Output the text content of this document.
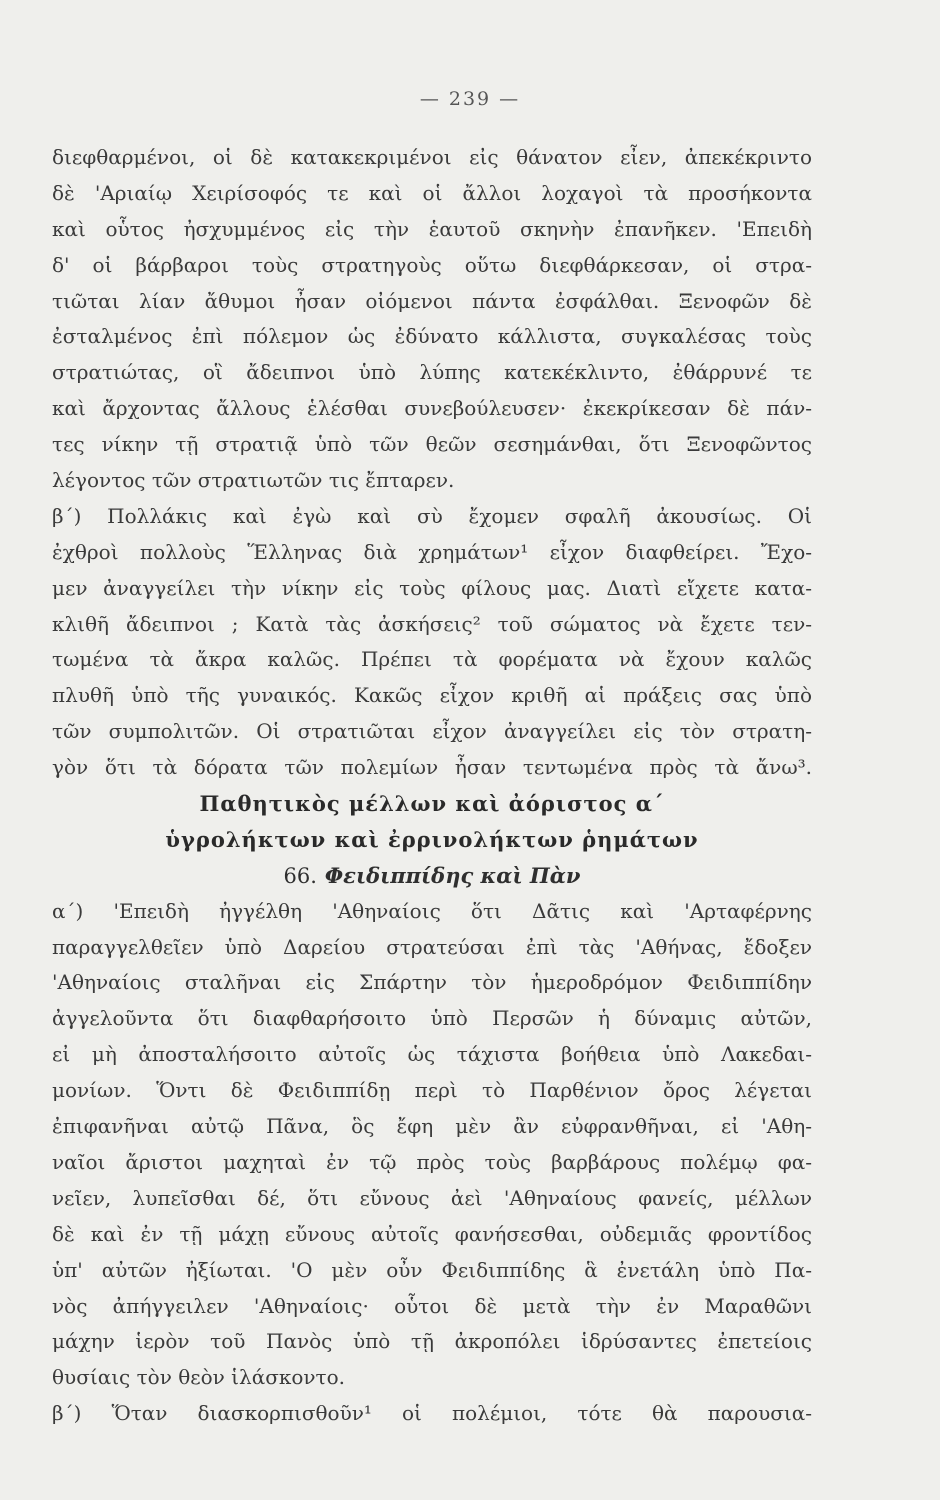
— 239 —
διεφθαρμένοι, οἱ δὲ κατακεκριμένοι εἰς θάνατον εἶεν, ἀπεκέκριντο
δὲ 'Αριαίῳ Χειρίσοφός τε καὶ οἱ ἄλλοι λοχαγοὶ τὰ προσήκοντα
καὶ οὗτος ἠσχυμμένος εἰς τὴν ἑαυτοῦ σκηνὴν ἐπανῆκεν. 'Επειδὴ
δ' οἱ βάρβαροι τοὺς στρατηγοὺς οὕτω διεφθάρκεσαν, οἱ στρα-
τιῶται λίαν ἄθυμοι ἦσαν οἰόμενοι πάντα ἐσφάλθαι. Ξενοφῶν δὲ
ἐσταλμένος ἐπὶ πόλεμον ὡς ἐδύνατο κάλλιστα, συγκαλέσας τοὺς
στρατιώτας, οἳ ἄδειπνοι ὑπὸ λύπης κατεκέκλιντο, ἐθάρρυνέ τε
καὶ ἄρχοντας ἄλλους ἑλέσθαι συνεβούλευσεν· ἐκεκρίκεσαν δὲ πάν-
τες νίκην τῇ στρατιᾷ ὑπὸ τῶν θεῶν σεσημάνθαι, ὅτι Ξενοφῶντος
λέγοντος τῶν στρατιωτῶν τις ἔπταρεν.
β΄) Πολλάκις καὶ ἐγὼ καὶ σὺ ἔχομεν σφαλῆ ἀκουσίως. Οἱ
ἐχθροὶ πολλοὺς Ἕλληνας διὰ χρημάτων¹ εἶχον διαφθείρει. Ἔχο-
μεν ἀναγγείλει τὴν νίκην εἰς τοὺς φίλους μας. Διατὶ εἴχετε κατα-
κλιθῆ ἄδειπνοι ; Κατὰ τὰς ἀσκήσεις² τοῦ σώματος νὰ ἔχετε τεν-
τωμένα τὰ ἄκρα καλῶς. Πρέπει τὰ φορέματα νὰ ἔχουν καλῶς
πλυθῆ ὑπὸ τῆς γυναικός. Κακῶς εἶχον κριθῆ αἱ πράξεις σας ὑπὸ
τῶν συμπολιτῶν. Οἱ στρατιῶται εἶχον ἀναγγείλει εἰς τὸν στρατη-
γὸν ὅτι τὰ δόρατα τῶν πολεμίων ἦσαν τεντωμένα πρὸς τὰ ἄνω³.
Παθητικὸς μέλλων καὶ ἀόριστος α΄
ὑγρολήκτων καὶ ἐρρινολήκτων ῥημάτων
66. Φειδιππίδης καὶ Πὰν
α΄) 'Επειδὴ ἠγγέλθη 'Αθηναίοις ὅτι Δᾶτις καὶ 'Αρταφέρνης
παραγγελθεῖεν ὑπὸ Δαρείου στρατεύσαι ἐπὶ τὰς 'Αθήνας, ἔδοξεν
'Αθηναίοις σταλῆναι εἰς Σπάρτην τὸν ἡμεροδρόμον Φειδιππίδην
ἀγγελοῦντα ὅτι διαφθαρήσοιτο ὑπὸ Περσῶν ἡ δύναμις αὐτῶν,
εἰ μὴ ἀποσταλήσοιτο αὐτοῖς ὡς τάχιστα βοήθεια ὑπὸ Λακεδαι-
μονίων. Ὅντι δὲ Φειδιππίδῃ περὶ τὸ Παρθένιον ὄρος λέγεται
ἐπιφανῆναι αὐτῷ Πᾶνα, ὃς ἔφη μὲν ἂν εὐφρανθῆναι, εἰ 'Αθη-
ναῖοι ἄριστοι μαχηταὶ ἐν τῷ πρὸς τοὺς βαρβάρους πολέμῳ φα-
νεῖεν, λυπεῖσθαι δέ, ὅτι εὔνους ἀεὶ 'Αθηναίους φανείς, μέλλων
δὲ καὶ ἐν τῇ μάχῃ εὔνους αὐτοῖς φανήσεσθαι, οὐδεμιᾶς φροντίδος
ὑπ' αὐτῶν ἠξίωται. 'Ο μὲν οὖν Φειδιππίδης ἃ ἐνετάλη ὑπὸ Πα-
νὸς ἀπήγγειλεν 'Αθηναίοις· οὗτοι δὲ μετὰ τὴν ἐν Μαραθῶνι
μάχην ἱερὸν τοῦ Πανὸς ὑπὸ τῇ ἀκροπόλει ἱδρύσαντες ἐπετείοις
θυσίαις τὸν θεὸν ἱλάσκοντο.
β΄) Ὅταν διασκορπισθοῦν¹ οἱ πολέμιοι, τότε θὰ παρουσια-
